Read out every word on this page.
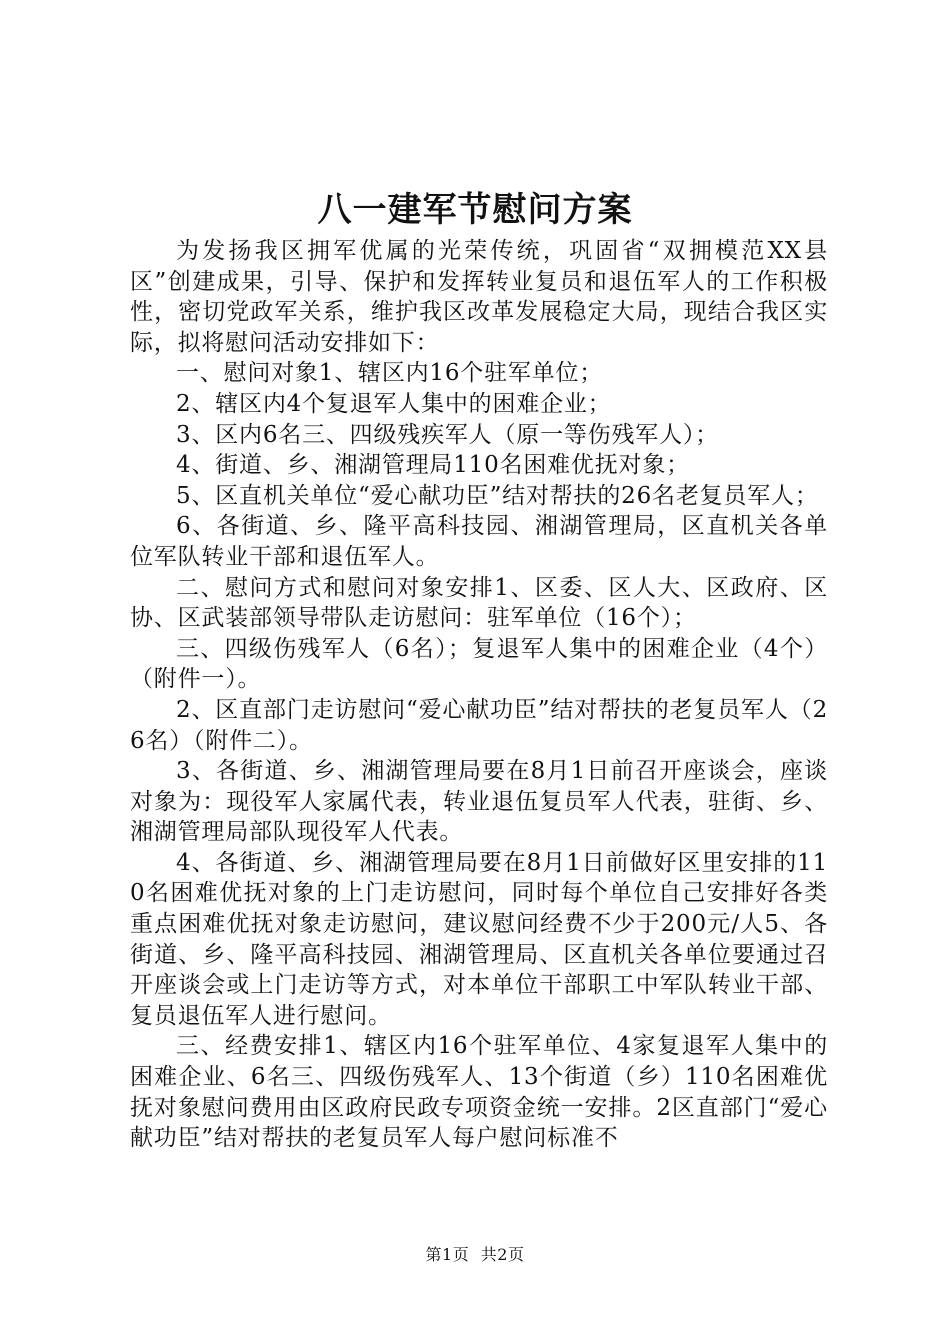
八一建军节慰问方案

为发扬我区拥军优属的光荣传统，巩固省“双拥模范XX县区”创建成果，引导、保护和发挥转业复员和退伍军人的工作积极性，密切党政军关系，维护我区改革发展稳定大局，现结合我区实际，拟将慰问活动安排如下：

一、慰问对象1、辖区内16个驻军单位；

2、辖区内4个复退军人集中的困难企业；

3、区内6名三、四级残疾军人（原一等伤残军人）；

4、街道、乡、湘湖管理局110名困难优抚对象；

5、区直机关单位“爱心献功臣”结对帮扶的26名老复员军人；

6、各街道、乡、隆平高科技园、湘湖管理局，区直机关各单位军队转业干部和退伍军人。

二、慰问方式和慰问对象安排1、区委、区人大、区政府、区协、区武装部领导带队走访慰问：驻军单位（16个）；

三、四级伤残军人（6名）；复退军人集中的困难企业（4个）（附件一）。

2、区直部门走访慰问“爱心献功臣”结对帮扶的老复员军人（26名）（附件二）。

3、各街道、乡、湘湖管理局要在8月1日前召开座谈会，座谈对象为：现役军人家属代表，转业退伍复员军人代表，驻街、乡、湘湖管理局部队现役军人代表。

4、各街道、乡、湘湖管理局要在8月1日前做好区里安排的110名困难优抚对象的上门走访慰问，同时每个单位自己安排好各类重点困难优抚对象走访慰问，建议慰问经费不少于200元/人5、各街道、乡、隆平高科技园、湘湖管理局、区直机关各单位要通过召开座谈会或上门走访等方式，对本单位干部职工中军队转业干部、复员退伍军人进行慰问。

三、经费安排1、辖区内16个驻军单位、4家复退军人集中的困难企业、6名三、四级伤残军人、13个街道（乡）110名困难优抚对象慰问费用由区政府民政专项资金统一安排。2区直部门“爱心献功臣”结对帮扶的老复员军人每户慰问标准不

第1页 共2页
